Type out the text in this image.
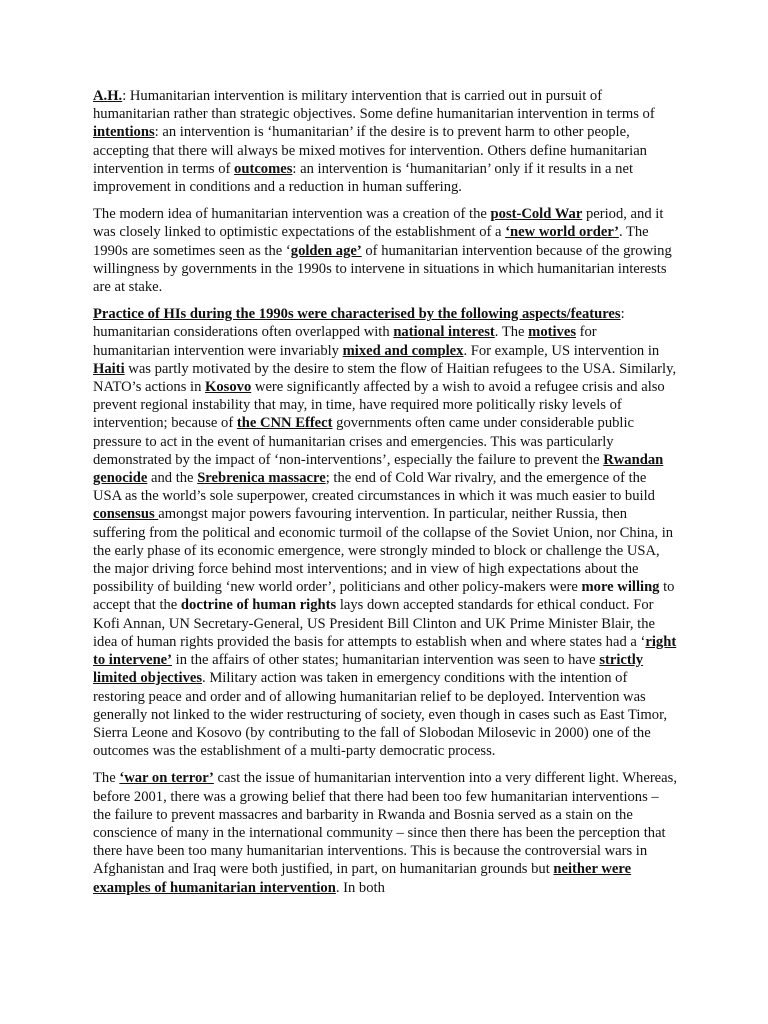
A.H.: Humanitarian intervention is military intervention that is carried out in pursuit of humanitarian rather than strategic objectives. Some define humanitarian intervention in terms of intentions: an intervention is ‘humanitarian’ if the desire is to prevent harm to other people, accepting that there will always be mixed motives for intervention. Others define humanitarian intervention in terms of outcomes: an intervention is ‘humanitarian’ only if it results in a net improvement in conditions and a reduction in human suffering.

The modern idea of humanitarian intervention was a creation of the post-Cold War period, and it was closely linked to optimistic expectations of the establishment of a ‘new world order’. The 1990s are sometimes seen as the ‘golden age’ of humanitarian intervention because of the growing willingness by governments in the 1990s to intervene in situations in which humanitarian interests are at stake.

Practice of HIs during the 1990s were characterised by the following aspects/features: humanitarian considerations often overlapped with national interest. The motives for humanitarian intervention were invariably mixed and complex. For example, US intervention in Haiti was partly motivated by the desire to stem the flow of Haitian refugees to the USA. Similarly, NATO’s actions in Kosovo were significantly affected by a wish to avoid a refugee crisis and also prevent regional instability that may, in time, have required more politically risky levels of intervention; because of the CNN Effect governments often came under considerable public pressure to act in the event of humanitarian crises and emergencies. This was particularly demonstrated by the impact of ‘non-interventions’, especially the failure to prevent the Rwandan genocide and the Srebrenica massacre; the end of Cold War rivalry, and the emergence of the USA as the world’s sole superpower, created circumstances in which it was much easier to build consensus amongst major powers favouring intervention. In particular, neither Russia, then suffering from the political and economic turmoil of the collapse of the Soviet Union, nor China, in the early phase of its economic emergence, were strongly minded to block or challenge the USA, the major driving force behind most interventions; and in view of high expectations about the possibility of building ‘new world order’, politicians and other policy-makers were more willing to accept that the doctrine of human rights lays down accepted standards for ethical conduct. For Kofi Annan, UN Secretary-General, US President Bill Clinton and UK Prime Minister Blair, the idea of human rights provided the basis for attempts to establish when and where states had a ‘right to intervene’ in the affairs of other states; humanitarian intervention was seen to have strictly limited objectives. Military action was taken in emergency conditions with the intention of restoring peace and order and of allowing humanitarian relief to be deployed. Intervention was generally not linked to the wider restructuring of society, even though in cases such as East Timor, Sierra Leone and Kosovo (by contributing to the fall of Slobodan Milosevic in 2000) one of the outcomes was the establishment of a multi-party democratic process.

The ‘war on terror’ cast the issue of humanitarian intervention into a very different light. Whereas, before 2001, there was a growing belief that there had been too few humanitarian interventions – the failure to prevent massacres and barbarity in Rwanda and Bosnia served as a stain on the conscience of many in the international community – since then there has been the perception that there have been too many humanitarian interventions. This is because the controversial wars in Afghanistan and Iraq were both justified, in part, on humanitarian grounds but neither were examples of humanitarian intervention. In both
